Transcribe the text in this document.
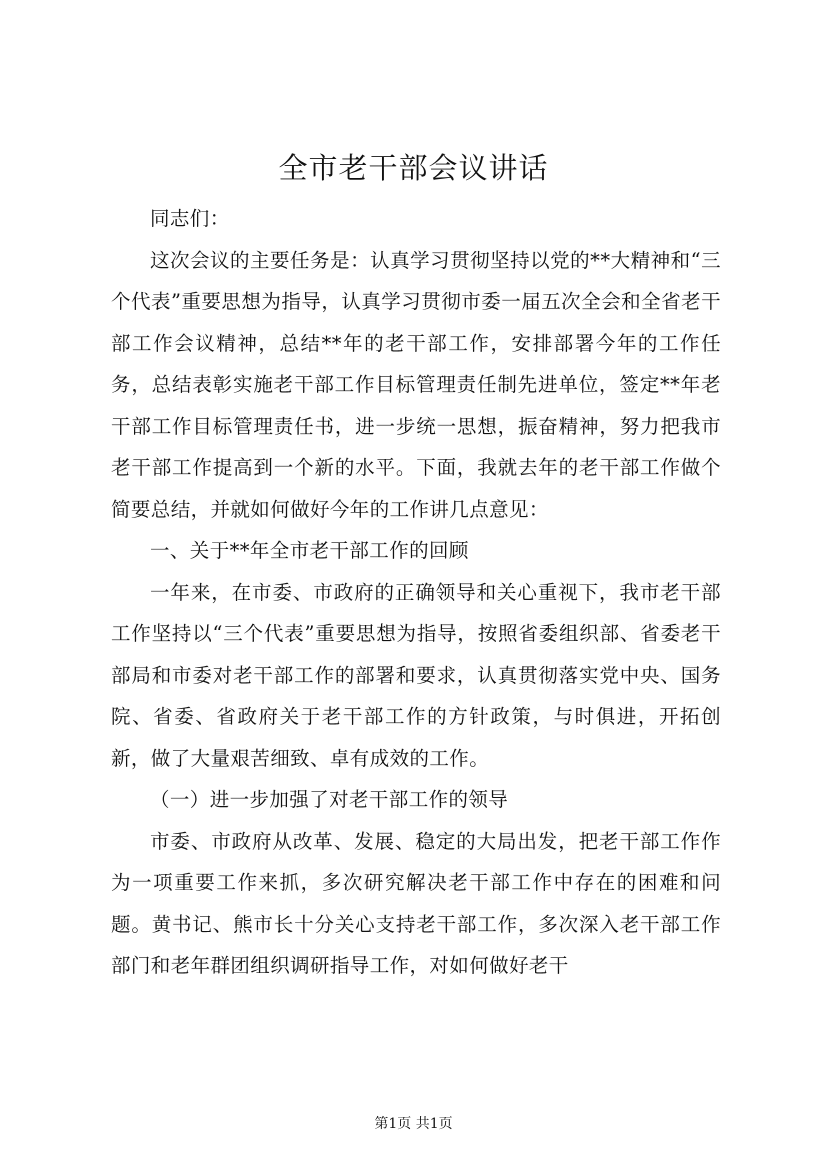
全市老干部会议讲话

同志们：

这次会议的主要任务是：认真学习贯彻坚持以党的**大精神和“三个代表”重要思想为指导，认真学习贯彻市委一届五次全会和全省老干部工作会议精神，总结**年的老干部工作，安排部署今年的工作任务，总结表彰实施老干部工作目标管理责任制先进单位，签定**年老干部工作目标管理责任书，进一步统一思想，振奋精神，努力把我市老干部工作提高到一个新的水平。下面，我就去年的老干部工作做个简要总结，并就如何做好今年的工作讲几点意见：

一、关于**年全市老干部工作的回顾

一年来，在市委、市政府的正确领导和关心重视下，我市老干部工作坚持以“三个代表”重要思想为指导，按照省委组织部、省委老干部局和市委对老干部工作的部署和要求，认真贯彻落实党中央、国务院、省委、省政府关于老干部工作的方针政策，与时俱进，开拓创新，做了大量艰苦细致、卓有成效的工作。

（一）进一步加强了对老干部工作的领导

市委、市政府从改革、发展、稳定的大局出发，把老干部工作作为一项重要工作来抓，多次研究解决老干部工作中存在的困难和问题。黄书记、熊市长十分关心支持老干部工作，多次深入老干部工作部门和老年群团组织调研指导工作，对如何做好老干

第1页 共1页
